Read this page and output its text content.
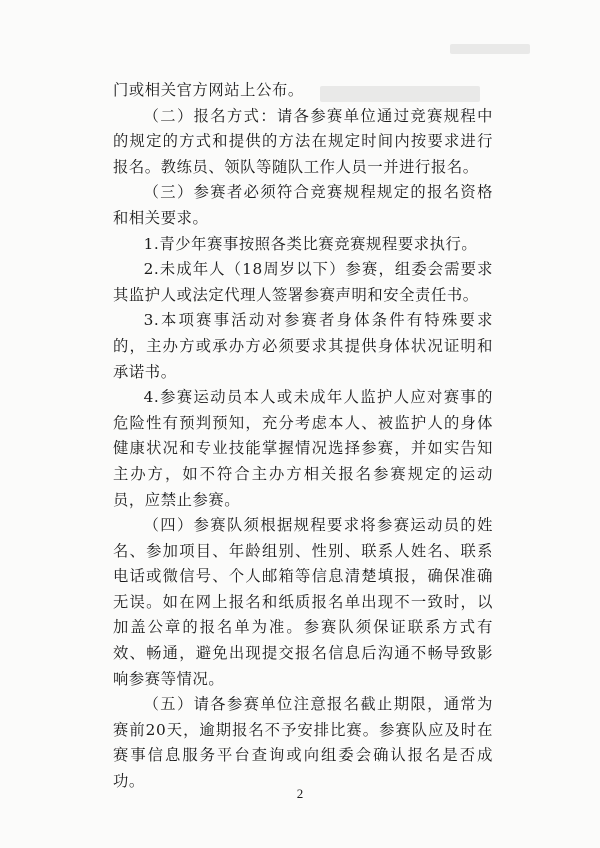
门或相关官方网站上公布。

（二）报名方式：请各参赛单位通过竞赛规程中的规定的方式和提供的方法在规定时间内按要求进行报名。教练员、领队等随队工作人员一并进行报名。

（三）参赛者必须符合竞赛规程规定的报名资格和相关要求。

1.青少年赛事按照各类比赛竞赛规程要求执行。

2.未成年人（18周岁以下）参赛，组委会需要求其监护人或法定代理人签署参赛声明和安全责任书。

3.本项赛事活动对参赛者身体条件有特殊要求的，主办方或承办方必须要求其提供身体状况证明和承诺书。

4.参赛运动员本人或未成年人监护人应对赛事的危险性有预判预知，充分考虑本人、被监护人的身体健康状况和专业技能掌握情况选择参赛，并如实告知主办方，如不符合主办方相关报名参赛规定的运动员，应禁止参赛。

（四）参赛队须根据规程要求将参赛运动员的姓名、参加项目、年龄组别、性别、联系人姓名、联系电话或微信号、个人邮箱等信息清楚填报，确保准确无误。如在网上报名和纸质报名单出现不一致时，以加盖公章的报名单为准。参赛队须保证联系方式有效、畅通，避免出现提交报名信息后沟通不畅导致影响参赛等情况。

（五）请各参赛单位注意报名截止期限，通常为赛前20天，逾期报名不予安排比赛。参赛队应及时在赛事信息服务平台查询或向组委会确认报名是否成功。

2
